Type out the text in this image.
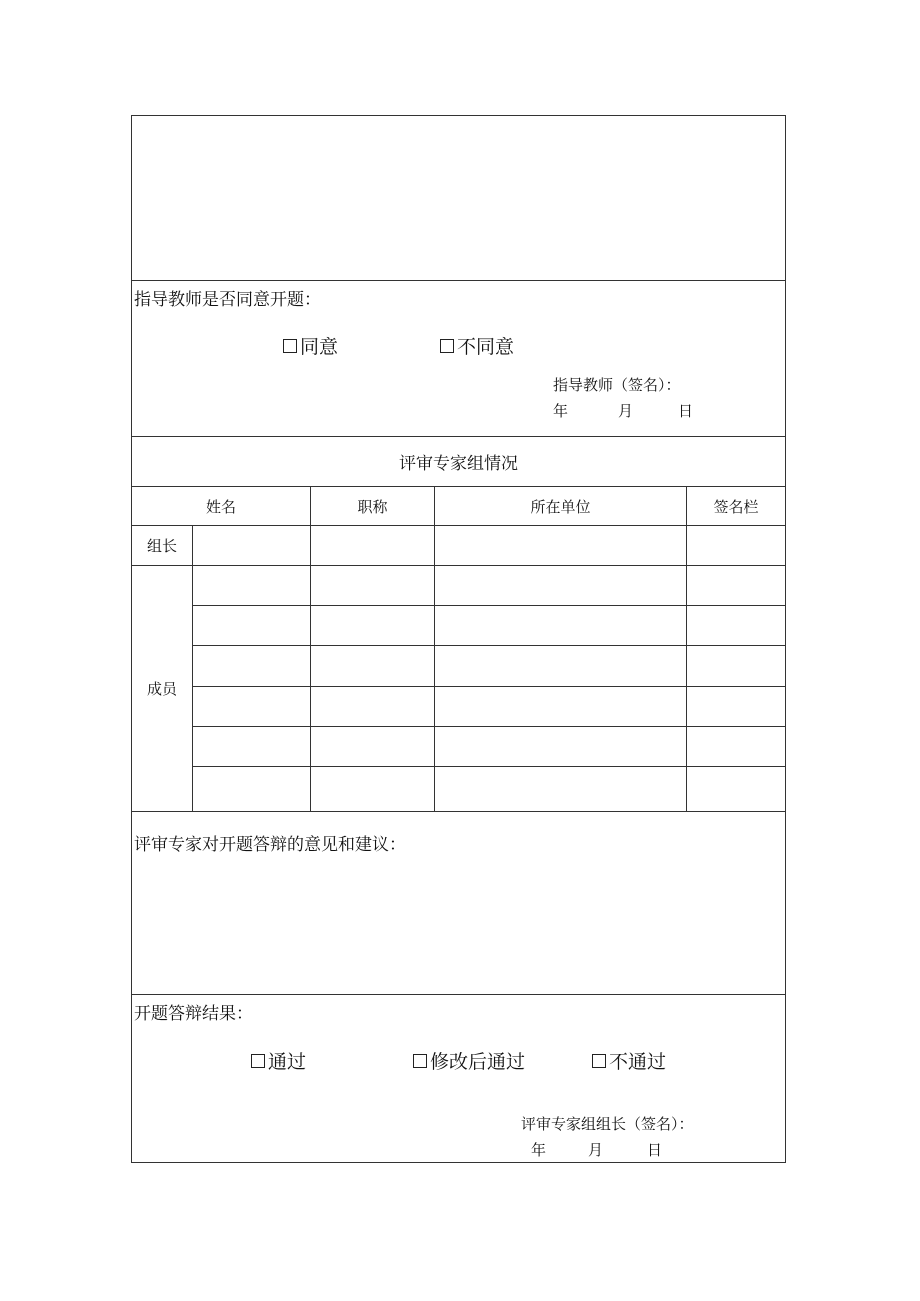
指导教师是否同意开题：
同意	不同意
指导教师（签名）：
年	月	日
评审专家组情况
姓名	职称	所在单位	签名栏
组长
成员
评审专家对开题答辩的意见和建议：
开题答辩结果：
通过	修改后通过	不通过
评审专家组组长（签名）：
年	月	日
